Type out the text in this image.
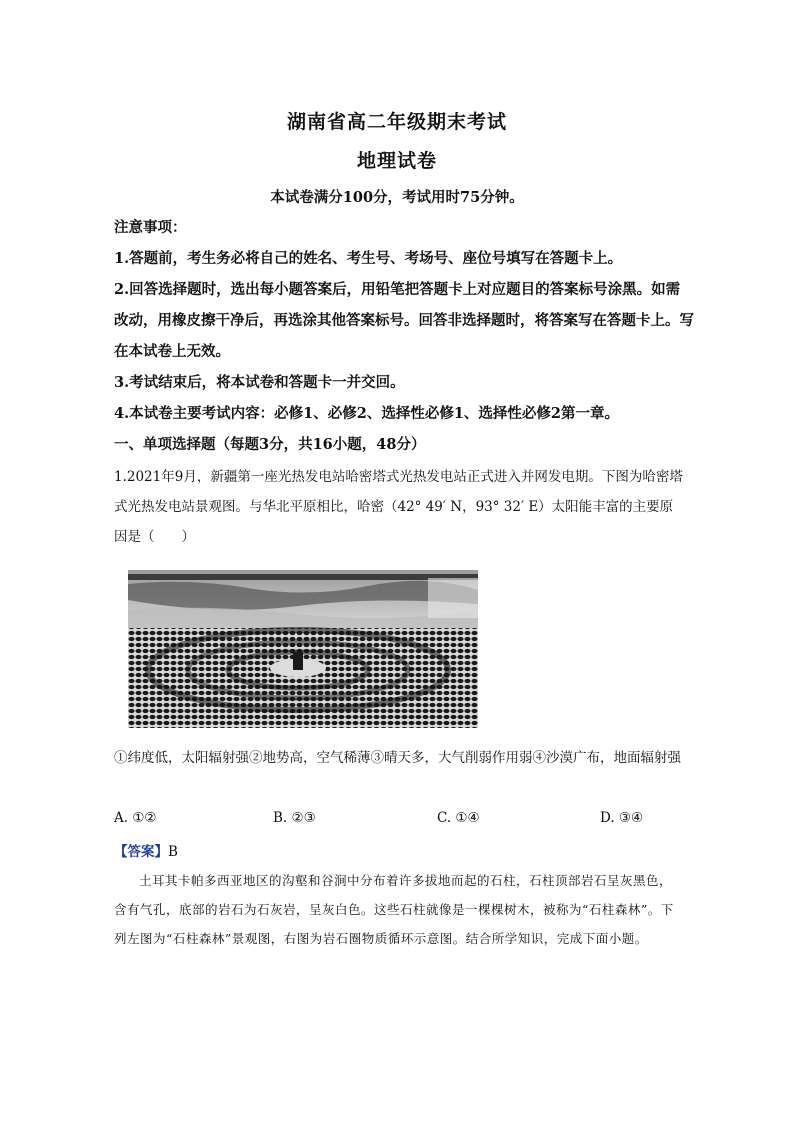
湖南省高二年级期末考试
地理试卷
本试卷满分100分，考试用时75分钟。
注意事项：
1.答题前，考生务必将自己的姓名、考生号、考场号、座位号填写在答题卡上。
2.回答选择题时，选出每小题答案后，用铅笔把答题卡上对应题目的答案标号涂黑。如需改动，用橡皮擦干净后，再选涂其他答案标号。回答非选择题时，将答案写在答题卡上。写在本试卷上无效。
3.考试结束后，将本试卷和答题卡一并交回。
4.本试卷主要考试内容：必修1、必修2、选择性必修1、选择性必修2第一章。
一、单项选择题（每题3分，共16小题，48分）
1.2021年9月，新疆第一座光热发电站哈密塔式光热发电站正式进入并网发电期。下图为哈密塔式光热发电站景观图。与华北平原相比，哈密（42° 49′ N，93° 32′ E）太阳能丰富的主要原因是（　　）
①纬度低，太阳辐射强②地势高，空气稀薄③晴天多，大气削弱作用弱④沙漠广布，地面辐射强
A. ①②	B. ②③	C. ①④	D. ③④
【答案】B
土耳其卡帕多西亚地区的沟壑和谷涧中分布着许多拔地而起的石柱，石柱顶部岩石呈灰黑色，含有气孔，底部的岩石为石灰岩，呈灰白色。这些石柱就像是一棵棵树木，被称为“石柱森林”。下列左图为“石柱森林”景观图，右图为岩石圈物质循环示意图。结合所学知识，完成下面小题。
